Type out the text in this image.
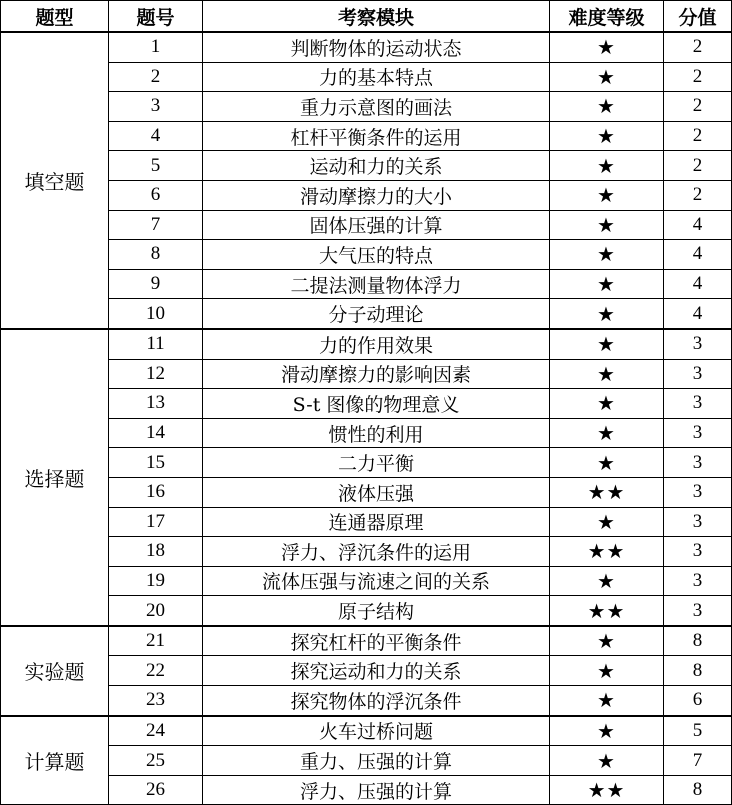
题型	题号	考察模块	难度等级	分值
填空题	1	判断物体的运动状态	★	2
	2	力的基本特点	★	2
	3	重力示意图的画法	★	2
	4	杠杆平衡条件的运用	★	2
	5	运动和力的关系	★	2
	6	滑动摩擦力的大小	★	2
	7	固体压强的计算	★	4
	8	大气压的特点	★	4
	9	二提法测量物体浮力	★	4
	10	分子动理论	★	4
选择题	11	力的作用效果	★	3
	12	滑动摩擦力的影响因素	★	3
	13	S-t 图像的物理意义	★	3
	14	惯性的利用	★	3
	15	二力平衡	★	3
	16	液体压强	★★	3
	17	连通器原理	★	3
	18	浮力、浮沉条件的运用	★★	3
	19	流体压强与流速之间的关系	★	3
	20	原子结构	★★	3
实验题	21	探究杠杆的平衡条件	★	8
	22	探究运动和力的关系	★	8
	23	探究物体的浮沉条件	★	6
计算题	24	火车过桥问题	★	5
	25	重力、压强的计算	★	7
	26	浮力、压强的计算	★★	8
